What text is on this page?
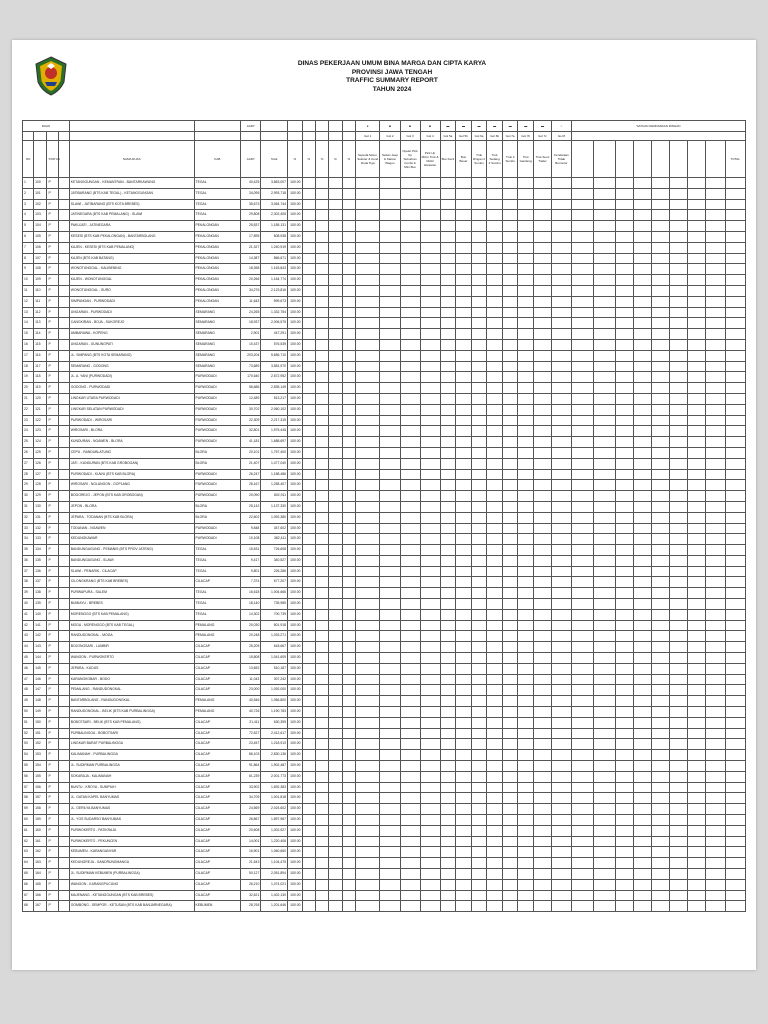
DINAS PEKERJAAN UMUM BINA MARGA DAN CIPTA KARYA
PROVINSI JAWA TENGAH
TRAFFIC SUMMARY REPORT
TAHUN 2024
RUAS						AADT							●	■	■	■	▬	▬	▬	▬	▬	▬	▬	○	SATUAN KENDARAAN RINGAN								
													Gol 1	Gol 2	Gol 3	Gol 4	Gol 5a	Gol 5b	Gol 6a	Gol 6b	Gol 7a	Gol 7b	Gol 7c	Gol 8									
NO		STATUS		NAMA RUAS	KAB	AADT	Total	%	%	%	%	%	Sepeda Motor, Sekuter & Kend Roda Tiga	Sedan Jeep & Station Wagon	Opelet Pick Up Suburban Combi & Mini Bus	Pick Up Micro Truk & Mobil Hantaran	Bus Kecil	Bus Besar	Truk Ringan 2 Sumbu	Truk Sedang 2 Sumbu	Truk 3 Sumbu	Truk Gandeng	Truk Semi Trailer	Kendaraan Tidak Bermotor									TOTAL
1	100	P		KETANGGUNGAN - KEMANTRAN - BANTARKAWUNG	TEGAL	40,425	3,863,007	100.00																									
2	101	P		JATIBARANG (BTS KAB TEGAL) - KETANGGUNGAN	TEGAL	34,095	2,993,718	100.00																									
3	102	P		SLAWI - JATIBARANG (BTS KOTA BREBES)	TEGAL	35,673	3,064,744	100.00																									
4	103	P		JATINEGARA (BTS KAB PEMALANG) - SLAWI	TEGAL	29,808	2,302,405	100.00																									
5	104	P		PAKUJATI - JATINEGARA	PEKALONGAN	25,537	1,185,131	100.00																									
6	105	P		KESESI (BTS KAB PEKALONGAN) - BANTARBOLANG	PEKALONGAN	17,895	608,938	100.00																									
7	106	P		KAJEN - KESESI (BTS KAB PEMALANG)	PEKALONGAN	21,327	1,240,919	100.00																									
8	107	P		KAJEN (BTS KAB BATANG)	PEKALONGAN	14,387	866,671	100.00																									
9	108	P		WONOTUNGGAL - KALIBENING	PEKALONGAN	18,358	1,163,843	100.00																									
10	109	P		KAJEN - WONOTUNGGAL	PEKALONGAN	20,266	1,164,774	100.00																									
11	110	P		WONOTUNGGAL - SURO	PEKALONGAN	34,276	2,123,816	100.00																									
12	111	P		SIMPANGAN - PURWODADI	PEKALONGAN	11,643	599,673	100.00																									
13	112	P		UNGARAN - PURWODADI	SEMARANG	24,265	1,332,754	100.00																									
14	113	P		CANGKIRAN - BOJA - SUKOREJO	SEMARANG	18,937	2,006,575	100.00																									
15	114	P		AMBARAWA - KOPENG	SEMARANG	2,901	447,291	100.00																									
16	115	P		UNGARAN - GUNUNGPATI	SEMARANG	10,437	576,539	100.00																									
17	116	P		JL. SIMPANG (BTS KOTA SEMARANG)	SEMARANG	203,204	5,656,710	100.00																									
18	117	P		SEMARANG - GODONG	SEMARANG	73,689	3,581,970	100.00																									
19	118	P		JL. A. YANI (PURWODADI)	PURWODADI	170,640	2,572,952	100.00																									
20	119	P		GODONG - PURWODADI	PURWODADI	56,686	2,835,149	100.00																									
21	120	P		LINGKAR UTARA PURWODADI	PURWODADI	12,489	513,217	100.00																									
22	121	P		LINGKAR SELATAN PURWODADI	PURWODADI	30,702	2,060,102	100.00																									
23	122	P		PURWODADI - WIROSARI	PURWODADI	22,309	2,217,315	100.00																									
24	123	P		WIROSARI - BLORA	PURWODADI	32,801	1,975,445	100.00																									
25	124	P		KUNDURAN - NGAWEN - BLORA	PURWODADI	41,181	1,688,697	100.00																									
26	125	P		CEPU - RANDUBLATUNG	BLORA	20,101	1,757,400	100.00																									
27	126	P		JATI - KUNDURAN (BTS KAB GROBOGAN)	BLORA	21,407	1,477,040	100.00																									
28	127	P		PURWODADI - KUWU (BTS KAB BLORA)	PURWODADI	26,247	1,188,486	100.00																									
29	128	P		WIROSARI - NGLANGON - DOPLANG	PURWODADI	28,167	1,258,407	100.00																									
30	129	P		BOGOREJO - JEPON (BTS KAB GROBOGAN)	PURWODADI	20,090	802,911	100.00																									
31	130	P		JEPON - BLORA	BLORA	25,142	1,137,330	100.00																									
32	131	P		JEPARA - TODANAN (BTS KAB BLORA)	BLORA	22,602	1,092,380	100.00																									
33	132	P		TODANAN - NGAWEN	PURWODADI	9,848	347,602	100.00																									
34	133	P		KEDUNGKAWAR	PURWODADI	10,108	382,411	100.00																									
35	134	P		BANDUNGAGUNG - PEMANIS (BTS PROV JATENG)	TEGAL	15,531	726,608	100.00																									
36	135	P		BANDUNGAGUNG - SLAWI	TEGAL	9,417	340,527	100.00																									
37	136	P		SLAWI - PENARIK - CILACAP	TEGAL	9,801	226,286	100.00																									
38	137	P		CILONGKRANG (BTS KAB BREBES)	CILACAP	7,374	677,207	100.00																									
39	138	P		PURWAPURA - SALEM	TEGAL	16,618	1,004,666	100.00																									
40	139	P		BUMIAYU - BREBES	TEGAL	18,140	735,985	100.00																									
41	140	P		MORENGGO (BTS KAB PEMALANG)	TEGAL	14,302	700,739	100.00																									
42	141	P		MOGA - MORENGGO (BTS KAB TEGAL)	PEMALANG	20,030	801,918	100.00																									
43	142	P		RANDUDONGKAL - MOGA	PEMALANG	20,248	1,033,271	100.00																									
44	143	P		BOJONGSARI - LUMBIR	CILACAP	25,205	618,667	100.00																									
45	144	P		WANGON - PURWOKERTO	CILACAP	15,808	1,041,609	100.00																									
46	145	P		JEPARA - KUDUS	CILACAP	13,652	510,187	100.00																									
47	146	P		KARANGKOBAR - BODO	CILACAP	11,043	307,242	100.00																									
48	147	P		PEMALANG - RANDUDONGKAL	CILACAP	23,000	1,092,000	100.00																									
49	148	P		BANTARBOLANG - RANDUDONGKAL	PEMALANG	40,546	1,066,800	100.00																									
50	149	P		RANDUDONGKAL - BELIK (BTS KAB PURBALINGGA)	PEMALANG	40,726	1,190,783	100.00																									
51	150	P		BOBOTSARI - BELIK (BTS KAB PEMALANG)	CILACAP	21,411	630,395	100.00																									
52	151	P		PURBALINGGA - BOBOTSARI	CILACAP	72,527	2,412,617	100.00																									
53	152	P		LINGKAR BARAT PURBALINGGA	CILACAP	23,457	1,218,913	100.00																									
54	153	P		KALIMANAH - PURBALINGGA	CILACAP	86,103	2,830,136	100.00																									
55	154	P		JL. SUDIRMAN PURBALINGGA	CILACAP	91,864	1,902,487	100.00																									
56	155	P		SOKARAJA - KALIMANAH	CILACAP	61,239	2,001,773	100.00																									
57	156	P		BUNTU - KROYA - SUMPIUH	CILACAP	33,902	1,692,383	100.00																									
58	157	P		JL. GATAN KAPEL BANYUMAS	CILACAP	34,709	1,001,818	100.00																									
59	158	P		JL. GERILYA BANYUMAS	CILACAP	24,569	2,024,602	100.00																									
60	159	P		JL. YOS SUDARSO BANYUMAS	CILACAP	26,867	1,897,967	100.00																									
61	160	P		PURWOKERTO - PATIKRAJA	CILACAP	20,608	1,002,927	100.00																									
62	161	P		PURWOKERTO - PEKUNCEN	CILACAP	14,001	1,220,406	100.00																									
63	162	P		KEBUMEN - KARANGANYAR	CILACAP	16,901	1,060,660	100.00																									
64	163	P		KEDUNGREJA - GANDRUNGMANGU	CILACAP	21,543	1,104,475	100.00																									
65	164	P		JL. SUDIRMAN KEBUMEN (PURBALINGGA)	CILACAP	50,127	2,051,894	100.00																									
66	165	P		WANGON - KARANGPUCUNG	CILACAP	26,210	1,074,021	100.00																									
67	166	P		MAJENANG - KETANGGUNGAN (BTS KAB BREBES)	CILACAP	32,621	1,402,130	100.00																									
68	167	P		GOMBONG - SEMPOR - KETUSAN (BTS KAB BANJARNEGARA)	KEBUMEN	28,765	1,201,646	100.00																									
